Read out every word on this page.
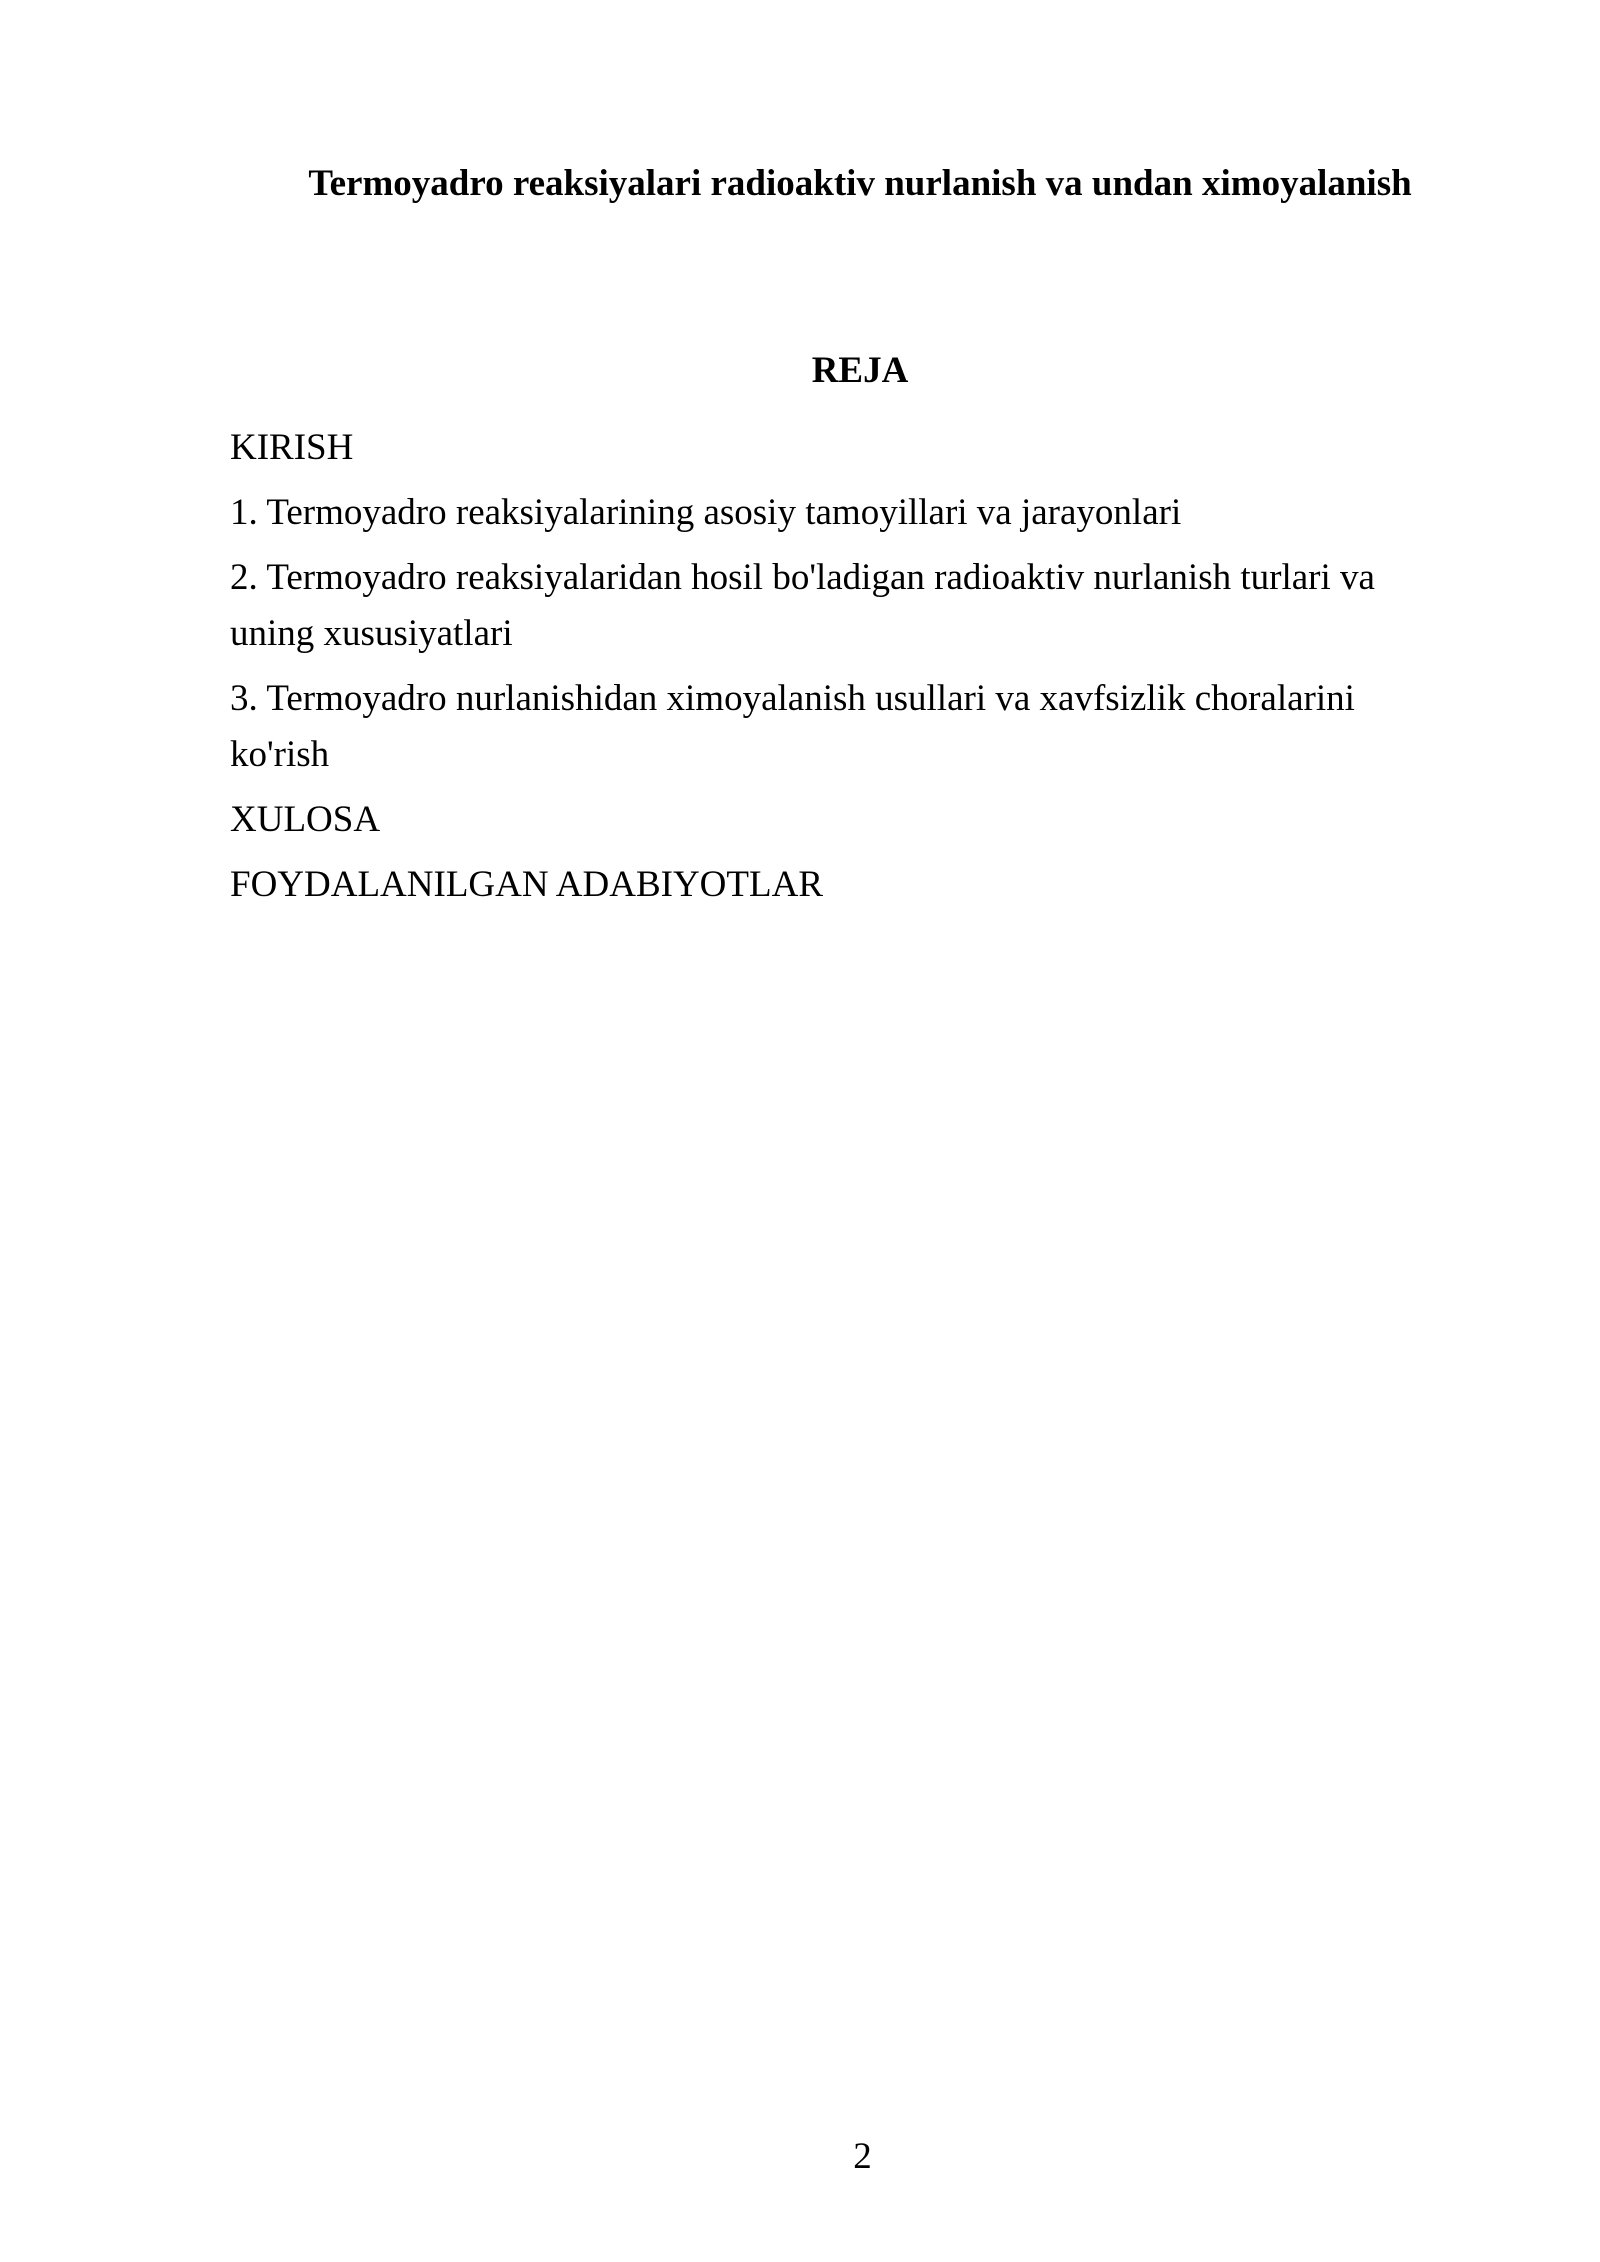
Termoyadro reaksiyalari radioaktiv nurlanish va undan ximoyalanish
REJA
KIRISH
1. Termoyadro reaksiyalarining asosiy tamoyillari va jarayonlari
2. Termoyadro reaksiyalaridan hosil bo'ladigan radioaktiv nurlanish turlari va uning xususiyatlari
3. Termoyadro nurlanishidan ximoyalanish usullari va xavfsizlik choralarini ko'rish
XULOSA
FOYDALANILGAN ADABIYOTLAR
2
